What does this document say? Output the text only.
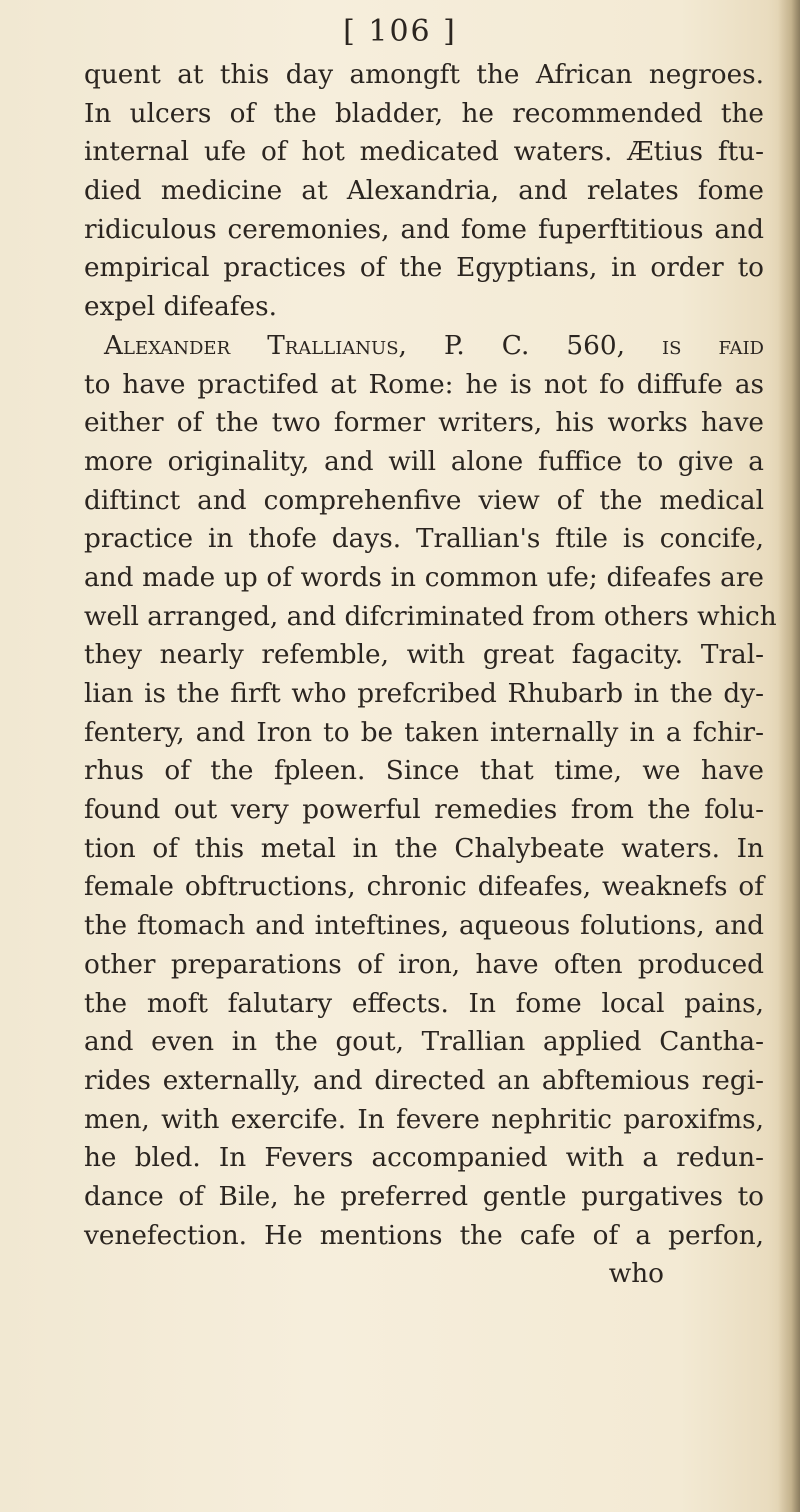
[ 106 ]
quent at this day amongft the African negroes.
In ulcers of the bladder, he recommended the
internal ufe of hot medicated waters. Ætius ftu-
died medicine at Alexandria, and relates fome
ridiculous ceremonies, and fome fuperftitious and
empirical practices of the Egyptians, in order to
expel difeafes.
Alexander Trallianus, P. C. 560, is faid
to have practifed at Rome: he is not fo diffufe as
either of the two former writers, his works have
more originality, and will alone fuffice to give a
diftinct and comprehenfive view of the medical
practice in thofe days. Trallian's ftile is concife,
and made up of words in common ufe; difeafes are
well arranged, and difcriminated from others which
they nearly refemble, with great fagacity. Tral-
lian is the firft who prefcribed Rhubarb in the dy-
fentery, and Iron to be taken internally in a fchir-
rhus of the fpleen. Since that time, we have
found out very powerful remedies from the folu-
tion of this metal in the Chalybeate waters. In
female obftructions, chronic difeafes, weaknefs of
the ftomach and inteftines, aqueous folutions, and
other preparations of iron, have often produced
the moft falutary effects. In fome local pains,
and even in the gout, Trallian applied Cantha-
rides externally, and directed an abftemious regi-
men, with exercife. In fevere nephritic paroxifms,
he bled. In Fevers accompanied with a redun-
dance of Bile, he preferred gentle purgatives to
venefection. He mentions the cafe of a perfon,
who
